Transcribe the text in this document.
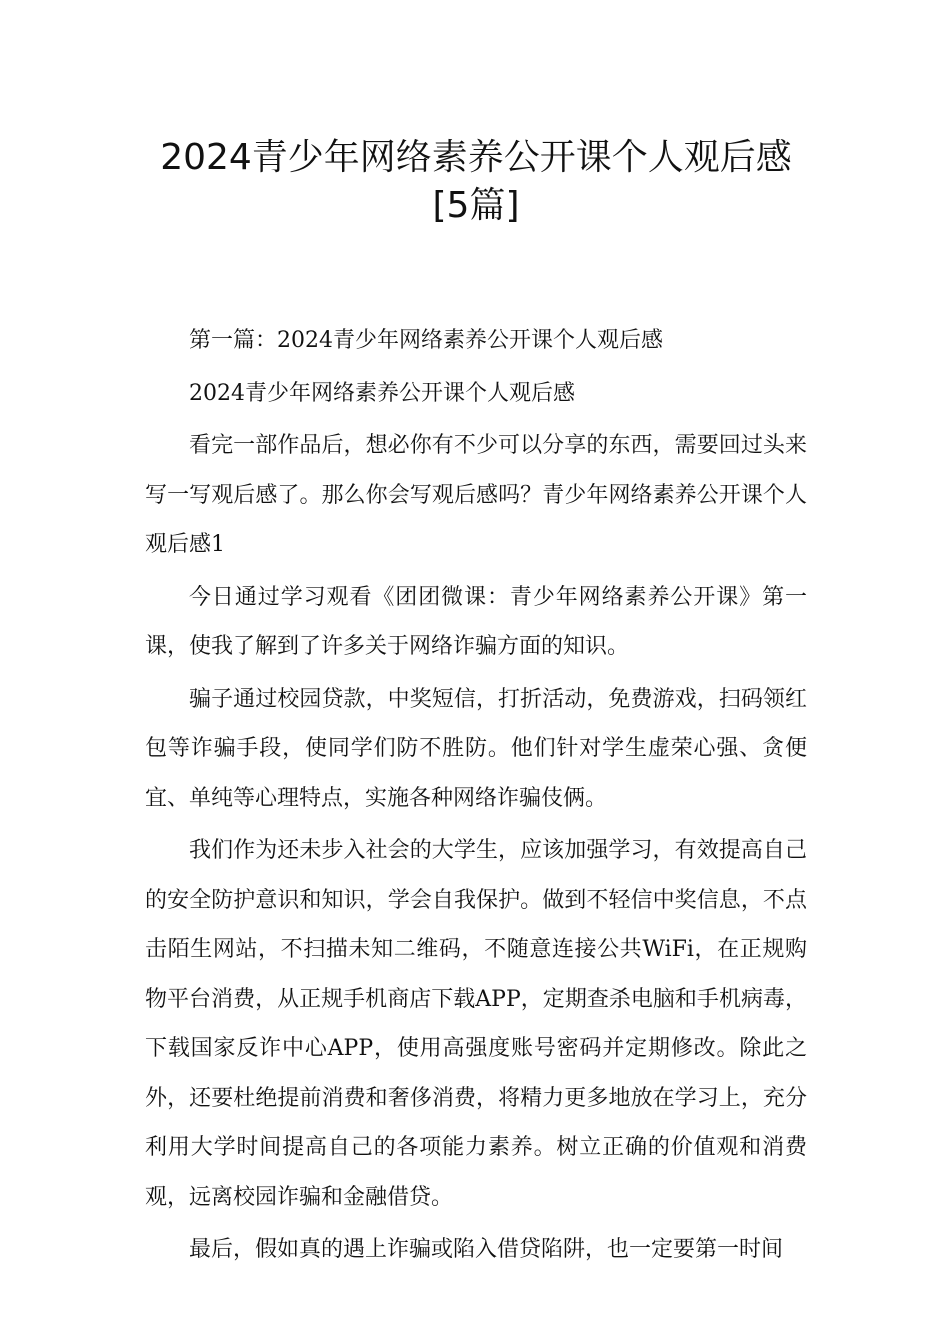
2024青少年网络素养公开课个人观后感
[5篇]

第一篇：2024青少年网络素养公开课个人观后感

2024青少年网络素养公开课个人观后感

看完一部作品后，想必你有不少可以分享的东西，需要回过头来写一写观后感了。那么你会写观后感吗？青少年网络素养公开课个人观后感1

今日通过学习观看《团团微课：青少年网络素养公开课》第一课，使我了解到了许多关于网络诈骗方面的知识。

骗子通过校园贷款，中奖短信，打折活动，免费游戏，扫码领红包等诈骗手段，使同学们防不胜防。他们针对学生虚荣心强、贪便宜、单纯等心理特点，实施各种网络诈骗伎俩。

我们作为还未步入社会的大学生，应该加强学习，有效提高自己的安全防护意识和知识，学会自我保护。做到不轻信中奖信息，不点击陌生网站，不扫描未知二维码，不随意连接公共WiFi，在正规购物平台消费，从正规手机商店下载APP，定期查杀电脑和手机病毒，下载国家反诈中心APP，使用高强度账号密码并定期修改。除此之外，还要杜绝提前消费和奢侈消费，将精力更多地放在学习上，充分利用大学时间提高自己的各项能力素养。树立正确的价值观和消费观，远离校园诈骗和金融借贷。

最后，假如真的遇上诈骗或陷入借贷陷阱，也一定要第一时间
